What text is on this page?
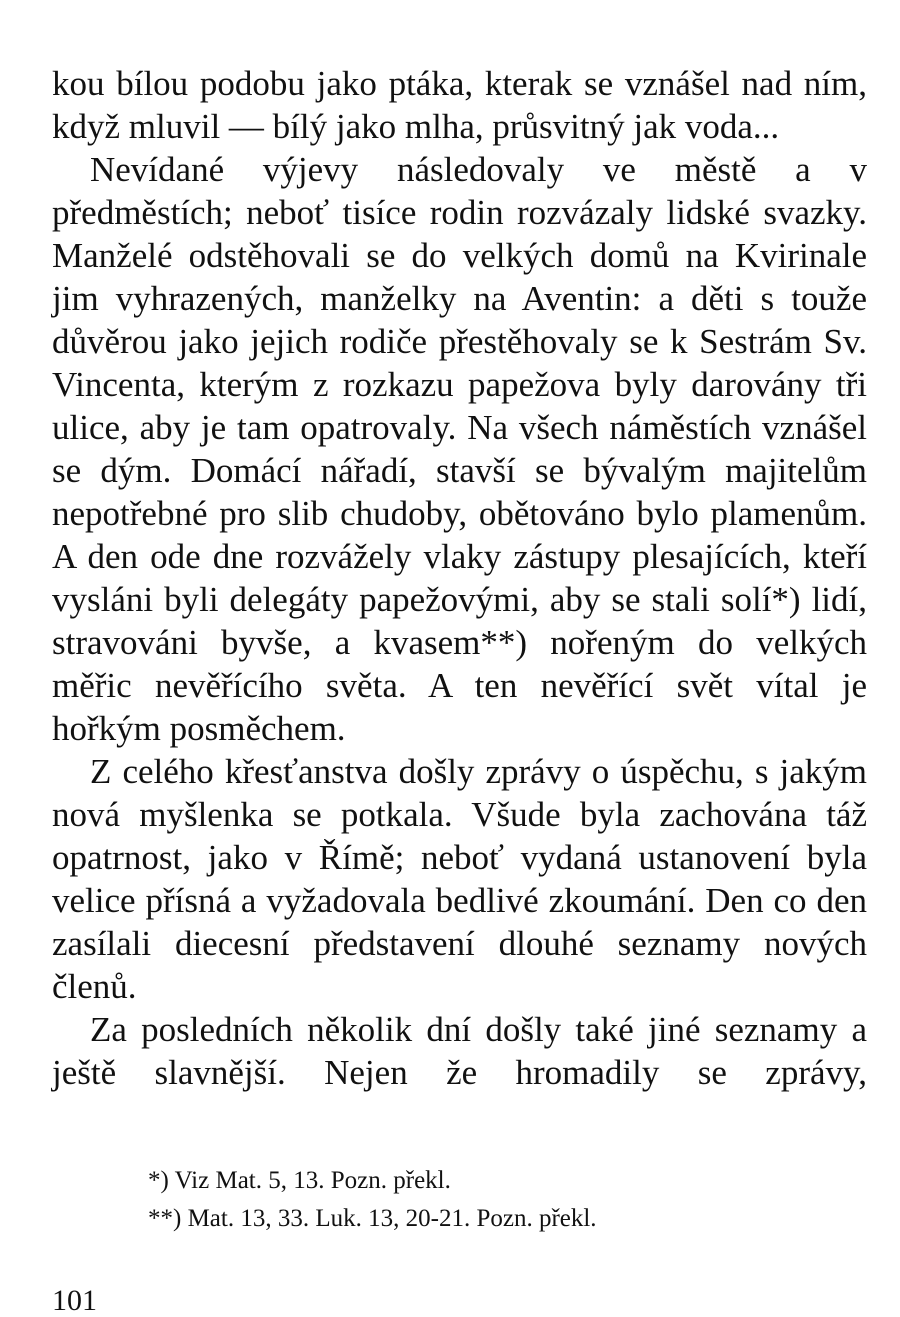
kou bílou podobu jako ptáka, kterak se vznášel nad ním, když mluvil — bílý jako mlha, průsvitný jak voda...

Nevídané výjevy následovaly ve městě a v předměstích; neboť tisíce rodin rozvázaly lidské svazky. Manželé odstěhovali se do velkých domů na Kvirinale jim vyhrazených, manželky na Aventin: a děti s touže důvěrou jako jejich rodiče přestěhovaly se k Sestrám Sv. Vincenta, kterým z rozkazu papežova byly darovány tři ulice, aby je tam opatrovaly. Na všech náměstích vznášel se dým. Domácí nářadí, stavší se bývalým majitelům nepotřebné pro slib chudoby, obětováno bylo plamenům. A den ode dne rozvážely vlaky zástupy plesajících, kteří vysláni byli delegáty papežovými, aby se stali solí*) lidí, stravováni byvše, a kvasem**) nořeným do velkých měřic nevěřícího světa. A ten nevěřící svět vítal je hořkým posměchem.

Z celého křesťanstva došly zprávy o úspěchu, s jakým nová myšlenka se potkala. Všude byla zachována táž opatrnost, jako v Římě; neboť vydaná ustanovení byla velice přísná a vyžadovala bedlivé zkoumání. Den co den zasílali diecesní představení dlouhé seznamy nových členů.

Za posledních několik dní došly také jiné seznamy a ještě slavnější. Nejen že hromadily se zprávy,

*) Viz Mat. 5, 13. Pozn. překl.

**) Mat. 13, 33. Luk. 13, 20-21. Pozn. překl.

101
